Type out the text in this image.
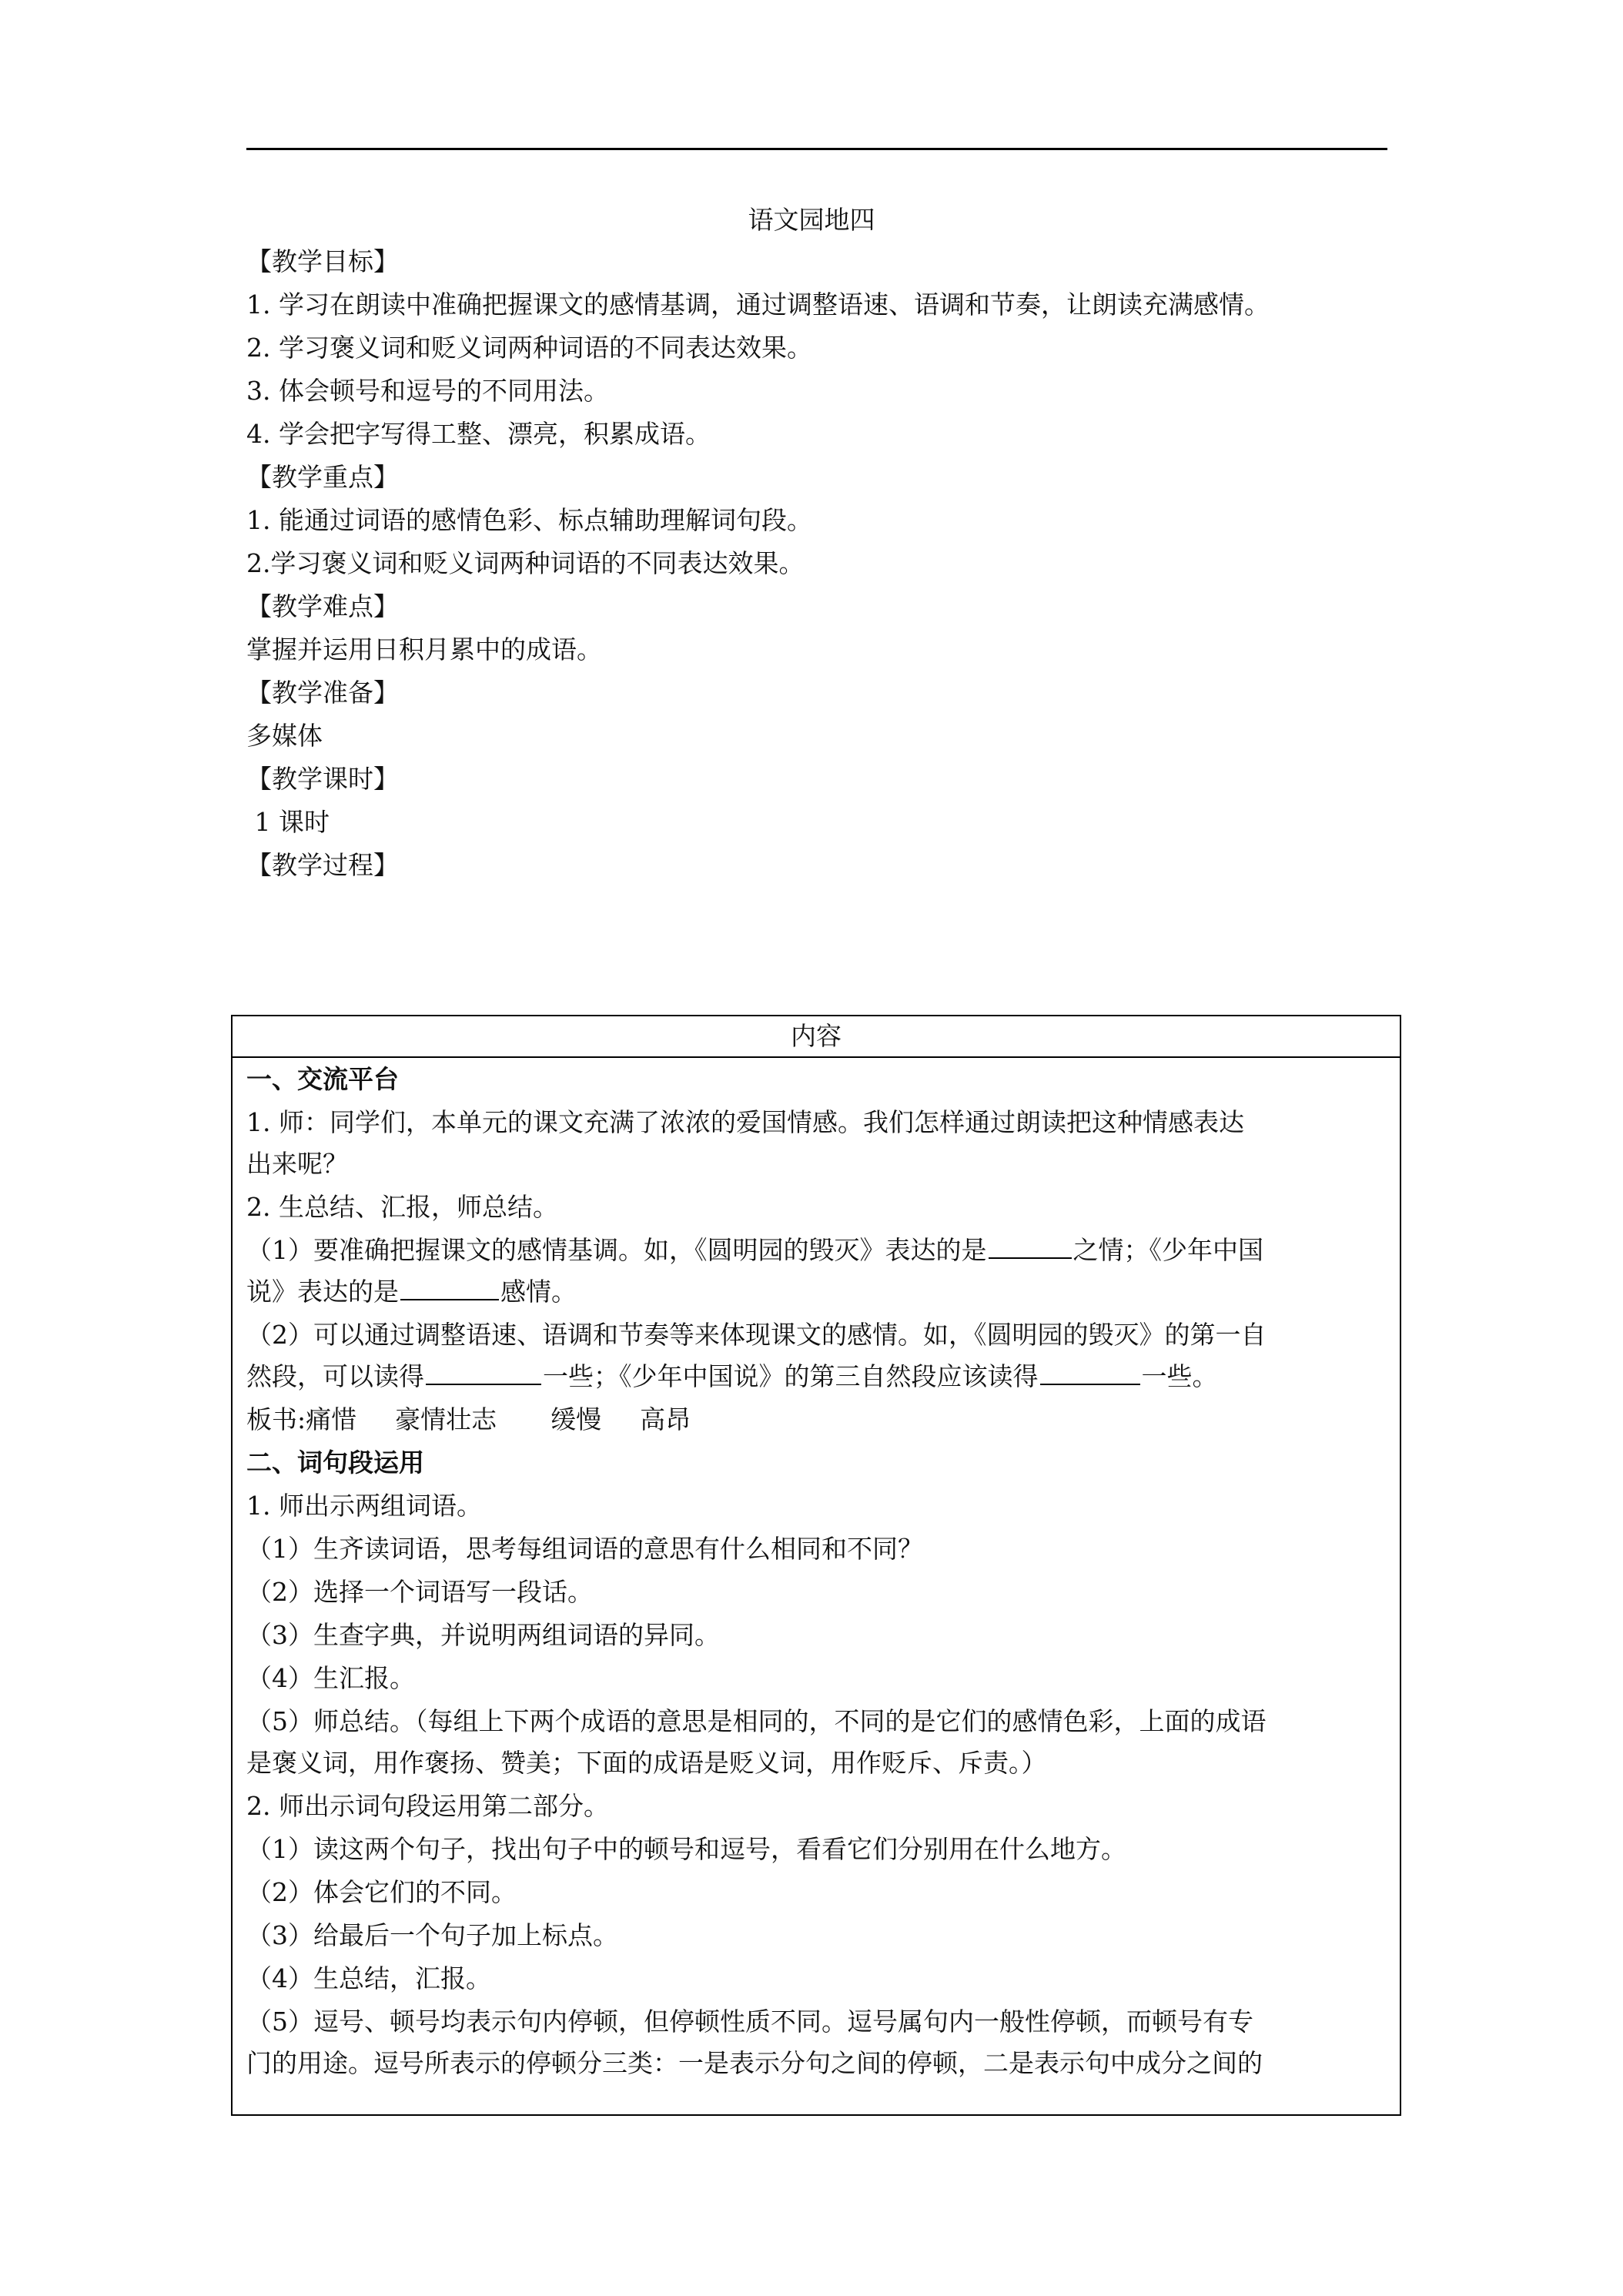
语文园地四
【教学目标】
1. 学习在朗读中准确把握课文的感情基调，通过调整语速、语调和节奏，让朗读充满感情。
2. 学习褒义词和贬义词两种词语的不同表达效果。
3. 体会顿号和逗号的不同用法。
4. 学会把字写得工整、漂亮，积累成语。
【教学重点】
1. 能通过词语的感情色彩、标点辅助理解词句段。
2.学习褒义词和贬义词两种词语的不同表达效果。
【教学难点】
掌握并运用日积月累中的成语。
【教学准备】
多媒体
【教学课时】
1 课时
【教学过程】
内容
一、交流平台
1. 师：同学们，本单元的课文充满了浓浓的爱国情感。我们怎样通过朗读把这种情感表达
出来呢？
2. 生总结、汇报，师总结。
（1）要准确把握课文的感情基调。如，《圆明园的毁灭》表达的是	之情；《少年中国
说》表达的是	感情。
（2）可以通过调整语速、语调和节奏等来体现课文的感情。如，《圆明园的毁灭》的第一自
然段，可以读得	一些；《少年中国说》的第三自然段应该读得	一些。
板书:痛惜 豪情壮志 缓慢 高昂
二、词句段运用
1. 师出示两组词语。
（1）生齐读词语，思考每组词语的意思有什么相同和不同？
（2）选择一个词语写一段话。
（3）生查字典，并说明两组词语的异同。
（4）生汇报。
（5）师总结。（每组上下两个成语的意思是相同的，不同的是它们的感情色彩，上面的成语
是褒义词，用作褒扬、赞美；下面的成语是贬义词，用作贬斥、斥责。）
2. 师出示词句段运用第二部分。
（1）读这两个句子，找出句子中的顿号和逗号，看看它们分别用在什么地方。
（2）体会它们的不同。
（3）给最后一个句子加上标点。
（4）生总结，汇报。
（5）逗号、顿号均表示句内停顿，但停顿性质不同。逗号属句内一般性停顿，而顿号有专
门的用途。逗号所表示的停顿分三类：一是表示分句之间的停顿，二是表示句中成分之间的
